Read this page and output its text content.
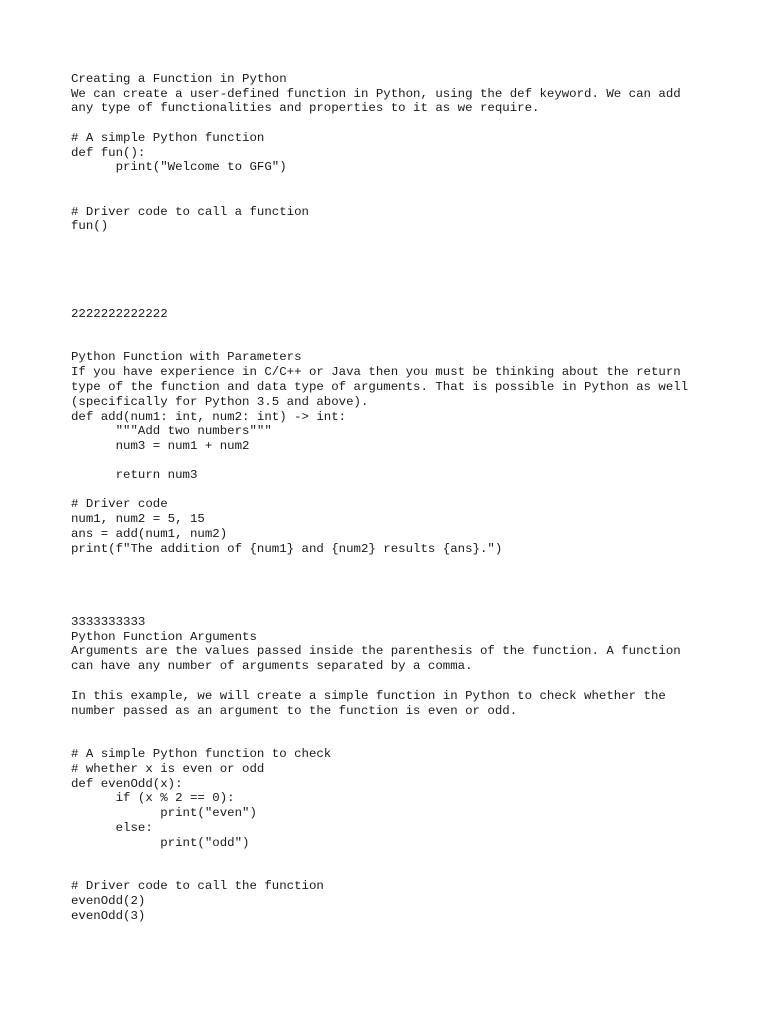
Creating a Function in Python

We can create a user-defined function in Python, using the def keyword. We can add

any type of functionalities and properties to it as we require.

# A simple Python function

def fun():

print("Welcome to GFG")

# Driver code to call a function

fun()

2222222222222

Python Function with Parameters

If you have experience in C/C++ or Java then you must be thinking about the return

type of the function and data type of arguments. That is possible in Python as well

(specifically for Python 3.5 and above).

def add(num1: int, num2: int) -> int:

"""Add two numbers"""

num3 = num1 + num2

return num3

# Driver code

num1, num2 = 5, 15

ans = add(num1, num2)

print(f"The addition of {num1} and {num2} results {ans}.")

3333333333

Python Function Arguments

Arguments are the values passed inside the parenthesis of the function. A function

can have any number of arguments separated by a comma.

In this example, we will create a simple function in Python to check whether the

number passed as an argument to the function is even or odd.

# A simple Python function to check

# whether x is even or odd

def evenOdd(x):

if (x % 2 == 0):

print("even")

else:

print("odd")

# Driver code to call the function

evenOdd(2)

evenOdd(3)
